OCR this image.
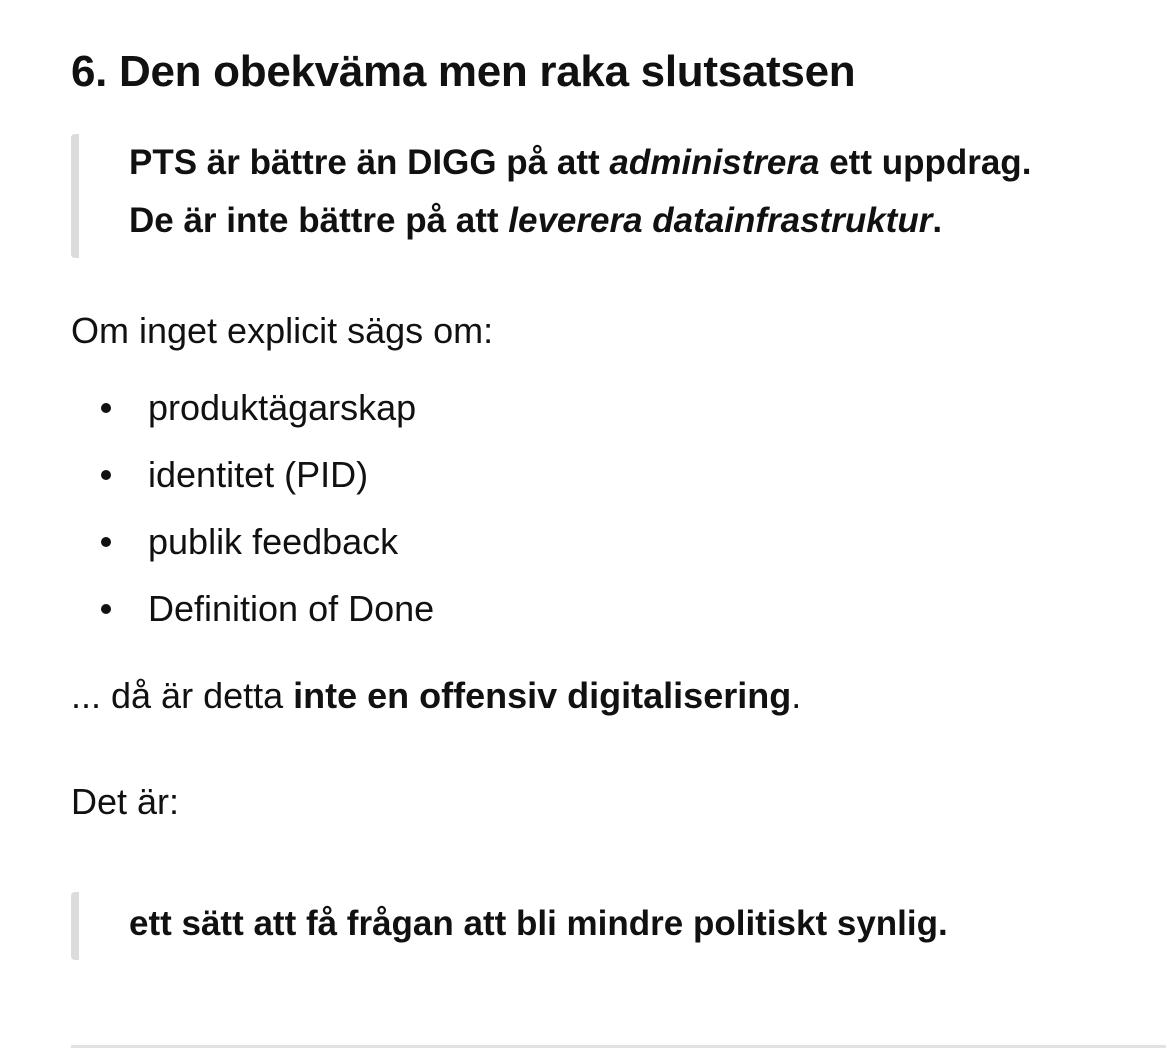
6. Den obekväma men raka slutsatsen
PTS är bättre än DIGG på att administrera ett uppdrag.
De är inte bättre på att leverera datainfrastruktur.

Om inget explicit sägs om:

produktägarskap
identitet (PID)
publik feedback
Definition of Done

... då är detta inte en offensiv digitalisering.

Det är:

ett sätt att få frågan att bli mindre politiskt synlig.
